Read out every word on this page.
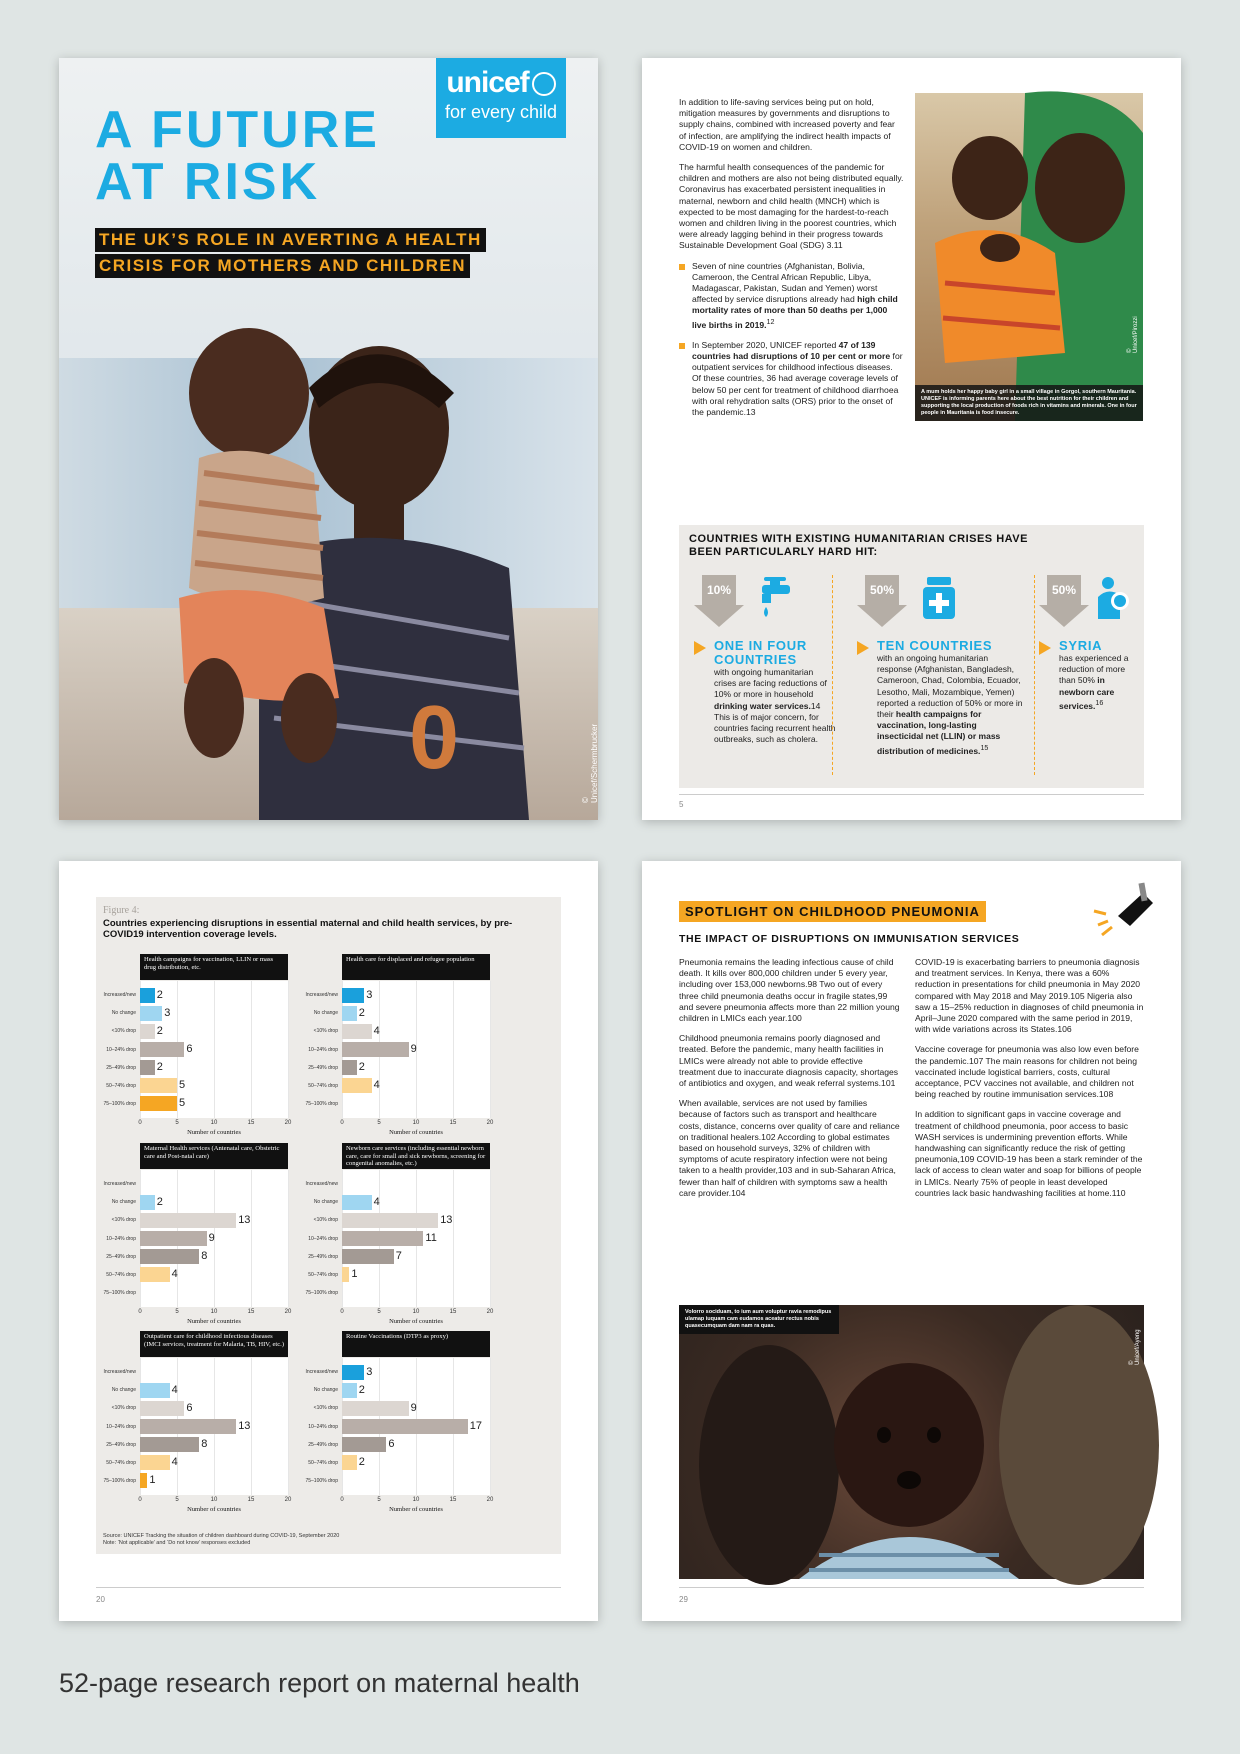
0
unicef
for every child
A FUTURE
AT RISK
THE UK’S ROLE IN AVERTING A HEALTH
CRISIS FOR MOTHERS AND CHILDREN
© Unicef/Schermbrucker

In addition to life-saving services being put on hold, mitigation measures by governments and disruptions to supply chains, combined with increased poverty and fear of infection, are amplifying the indirect health impacts of COVID-19 on women and children.

The harmful health consequences of the pandemic for children and mothers are also not being distributed equally. Coronavirus has exacerbated persistent inequalities in maternal, newborn and child health (MNCH) which is expected to be most damaging for the hardest-to-reach women and children living in the poorest countries, which were already lagging behind in their progress towards Sustainable Development Goal (SDG) 3.11

Seven of nine countries (Afghanistan, Bolivia, Cameroon, the Central African Republic, Libya, Madagascar, Pakistan, Sudan and Yemen) worst affected by service disruptions already had high child mortality rates of more than 50 deaths per 1,000 live births in 2019.12
In September 2020, UNICEF reported 47 of 139 countries had disruptions of 10 per cent or more for outpatient services for childhood infectious diseases. Of these countries, 36 had average coverage levels of below 50 per cent for treatment of childhood diarrhoea with oral rehydration salts (ORS) prior to the onset of the pandemic.13
A mum holds her happy baby girl in a small village in Gorgol, southern Mauritania. UNICEF is informing parents here about the best nutrition for their children and supporting the local production of foods rich in vitamins and minerals. One in four people in Mauritania is food insecure.
© Unicef/Pirozzi
COUNTRIES WITH EXISTING HUMANITARIAN CRISES HAVE BEEN PARTICULARLY HARD HIT:
10%
ONE IN FOUR COUNTRIES
with ongoing humanitarian crises are facing reductions of 10% or more in household drinking water services.14 This is of major concern, for countries facing recurrent health outbreaks, such as cholera.
50%
TEN COUNTRIES
with an ongoing humanitarian response (Afghanistan, Bangladesh, Cameroon, Chad, Colombia, Ecuador, Lesotho, Mali, Mozambique, Yemen) reported a reduction of 50% or more in their health campaigns for vaccination, long-lasting insecticidal net (LLIN) or mass distribution of medicines.$^{15}$
50%
SYRIA
has experienced a reduction of more than 50% in newborn care services.$^{16}$
5
Figure 4:
Countries experiencing disruptions in essential maternal and child health services, by pre-COVID19 intervention coverage levels.
Health campaigns for vaccination, LLIN or mass drug distribution, etc.
Increased/new
No change
<10% drop
10–24% drop
25–49% drop
50–74% drop
75–100% drop
2
3
2
6
2
5
5
0	5	10	15	20
Number of countries
Health care for displaced and refugee population
Increased/new
No change
<10% drop
10–24% drop
25–49% drop
50–74% drop
75–100% drop
3
2
4
9
2
4
0	5	10	15	20
Number of countries
Maternal Health services (Antenatal care, Obstetric care and Post-natal care)
Increased/new
No change
<10% drop
10–24% drop
25–49% drop
50–74% drop
75–100% drop
2
13
9
8
4
0	5	10	15	20
Number of countries
Newborn care services (including essential newborn care, care for small and sick newborns, screening for congenital anomalies, etc.)
Increased/new
No change
<10% drop
10–24% drop
25–49% drop
50–74% drop
75–100% drop
4
13
11
7
1
0	5	10	15	20
Number of countries
Outpatient care for childhood infectious diseases (IMCI services, treatment for Malaria, TB, HIV, etc.)
Increased/new
No change
<10% drop
10–24% drop
25–49% drop
50–74% drop
75–100% drop
4
6
13
8
4
1
0	5	10	15	20
Number of countries
Routine Vaccinations (DTP3 as proxy)
Increased/new
No change
<10% drop
10–24% drop
25–49% drop
50–74% drop
75–100% drop
3
2
9
17
6
2
0	5	10	15	20
Number of countries
Source: UNICEF Tracking the situation of children dashboard during COVID-19, September 2020
Note: ‘Not applicable’ and ‘Do not know’ responses excluded
20
SPOTLIGHT ON CHILDHOOD PNEUMONIA
THE IMPACT OF DISRUPTIONS ON IMMUNISATION SERVICES

Pneumonia remains the leading infectious cause of child death. It kills over 800,000 children under 5 every year, including over 153,000 newborns.98 Two out of every three child pneumonia deaths occur in fragile states,99 and severe pneumonia affects more than 22 million young children in LMICs each year.100

Childhood pneumonia remains poorly diagnosed and treated. Before the pandemic, many health facilities in LMICs were already not able to provide effective treatment due to inaccurate diagnosis capacity, shortages of antibiotics and oxygen, and weak referral systems.101

When available, services are not used by families because of factors such as transport and healthcare costs, distance, concerns over quality of care and reliance on traditional healers.102 According to global estimates based on household surveys, 32% of children with symptoms of acute respiratory infection were not being taken to a health provider,103 and in sub-Saharan Africa, fewer than half of children with symptoms saw a health care provider.104

COVID-19 is exacerbating barriers to pneumonia diagnosis and treatment services. In Kenya, there was a 60% reduction in presentations for child pneumonia in May 2020 compared with May 2018 and May 2019.105 Nigeria also saw a 15–25% reduction in diagnoses of child pneumonia in April–June 2020 compared with the same period in 2019, with wide variations across its States.106

Vaccine coverage for pneumonia was also low even before the pandemic.107 The main reasons for children not being vaccinated include logistical barriers, costs, cultural acceptance, PCV vaccines not available, and children not being reached by routine immunisation services.108

In addition to significant gaps in vaccine coverage and treatment of childhood pneumonia, poor access to basic WASH services is undermining prevention efforts. While handwashing can significantly reduce the risk of getting pneumonia,109 COVID-19 has been a stark reminder of the lack of access to clean water and soap for billions of people in LMICs. Nearly 75% of people in least developed countries lack basic handwashing facilities at home.110

Volorro sociduam, to ium aum voluptur ravia remodipus ulamap iuquam cam eudamos aceatur rectus nobis quasecumquam dam nam ra quas.
© Unicef/Ayeng
29
52-page research report on maternal health
